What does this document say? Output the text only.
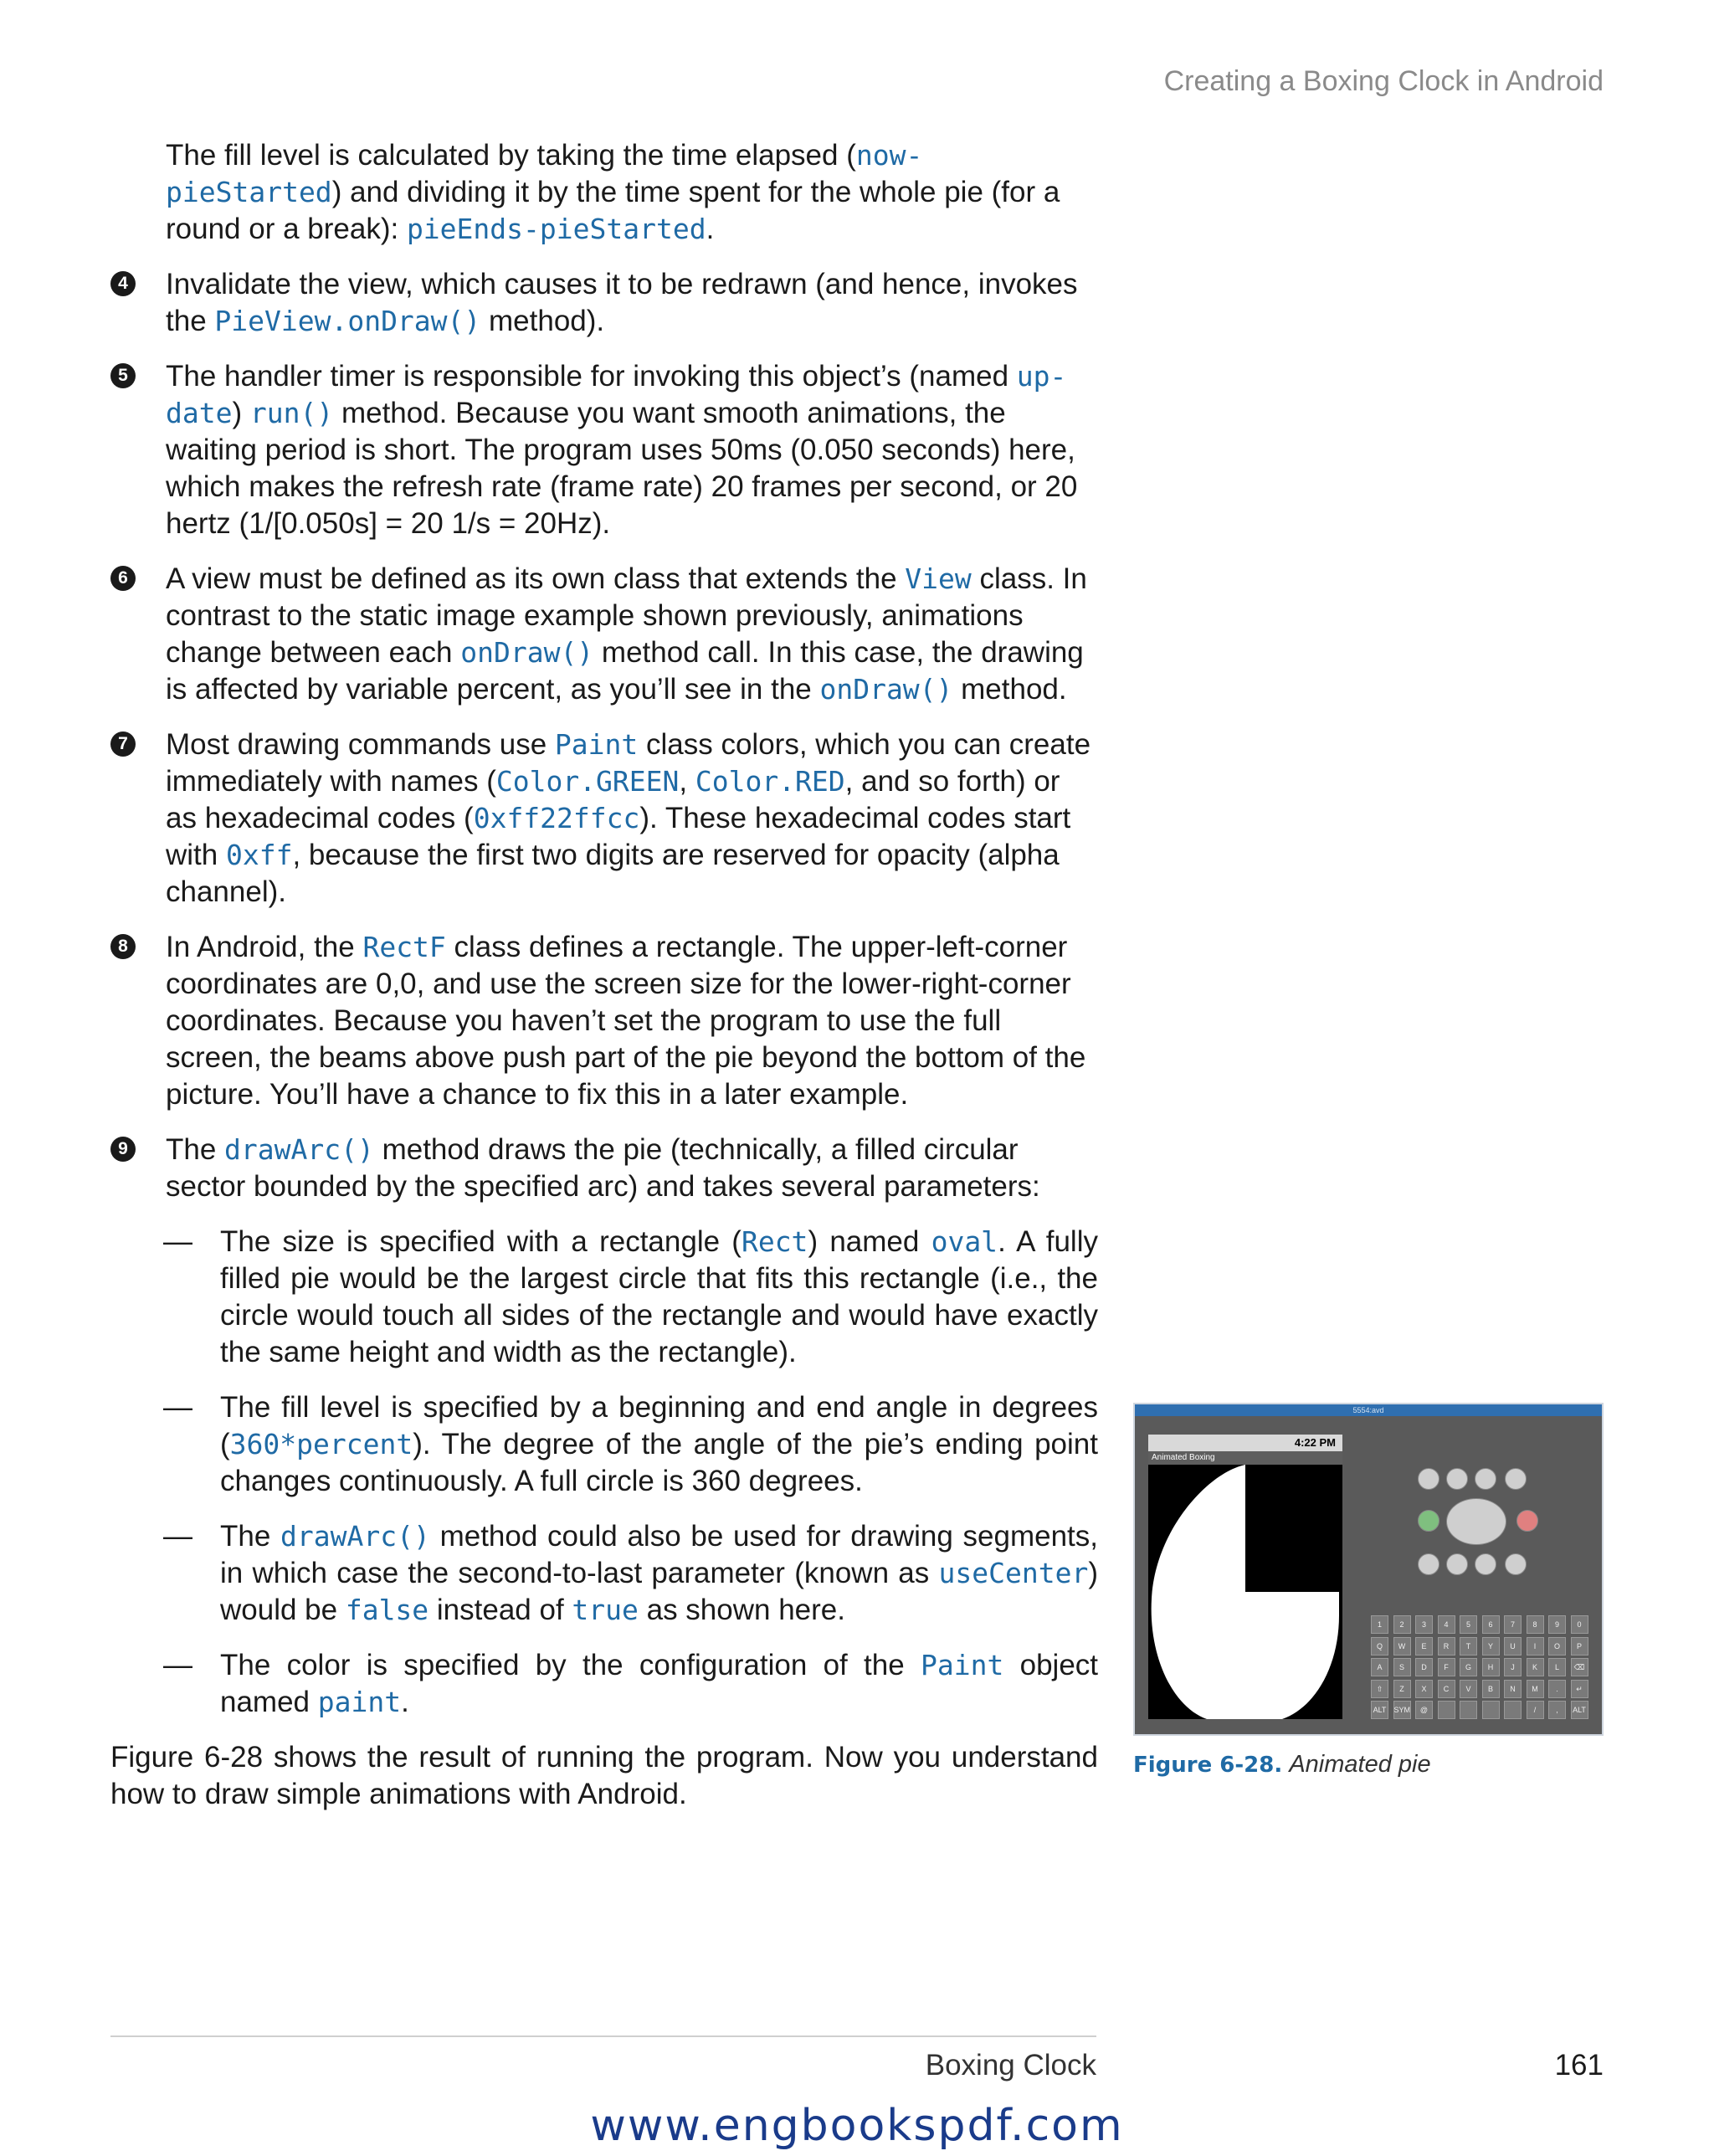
Creating a Boxing Clock in Android

The fill level is calculated by taking the time elapsed (now-pieStarted) and dividing it by the time spent for the whole pie (for a round or a break): pieEnds-pieStarted.

4 Invalidate the view, which causes it to be redrawn (and hence, invokes the PieView.onDraw() method).
5 The handler timer is responsible for invoking this object’s (named up-date) run() method. Because you want smooth animations, the waiting period is short. The program uses 50ms (0.050 seconds) here, which makes the refresh rate (frame rate) 20 frames per second, or 20 hertz (1/[0.050s] = 20 1/s = 20Hz).
6 A view must be defined as its own class that extends the View class. In contrast to the static image example shown previously, animations change between each onDraw() method call. In this case, the drawing is affected by variable percent, as you’ll see in the onDraw() method.
7 Most drawing commands use Paint class colors, which you can create immediately with names (Color.GREEN, Color.RED, and so forth) or as hexadecimal codes (0xff22ffcc). These hexadecimal codes start with 0xff, because the first two digits are reserved for opacity (alpha channel).
8 In Android, the RectF class defines a rectangle. The upper-left-corner coordinates are 0,0, and use the screen size for the lower-right-corner coordinates. Because you haven’t set the program to use the full screen, the beams above push part of the pie beyond the bottom of the picture. You’ll have a chance to fix this in a later example.
9 The drawArc() method draws the pie (technically, a filled circular sector bounded by the specified arc) and takes several parameters:
— The size is specified with a rectangle (Rect) named oval. A fully filled pie would be the largest circle that fits this rectangle (i.e., the circle would touch all sides of the rectangle and would have exactly the same height and width as the rectangle).
— The fill level is specified by a beginning and end angle in degrees (360*percent). The degree of the angle of the pie’s ending point changes continuously. A full circle is 360 degrees.
— The drawArc() method could also be used for drawing segments, in which case the second-to-last parameter (known as useCenter) would be false instead of true as shown here.
— The color is specified by the configuration of the Paint object named paint.

Figure 6-28 shows the result of running the program. Now you understand how to draw simple animations with Android.

5554:avd
4:22 PM
Animated Boxing
1	2	3	4	5	6	7	8	9	0
Q	W	E	R	T	Y	U	I	O	P
A	S	D	F	G	H	J	K	L	⌫
⇧	Z	X	C	V	B	N	M	.	↵
ALT SYM	@	/	,	ALT
Figure 6-28. Animated pie
Boxing Clock	161
www.engbookspdf.com
